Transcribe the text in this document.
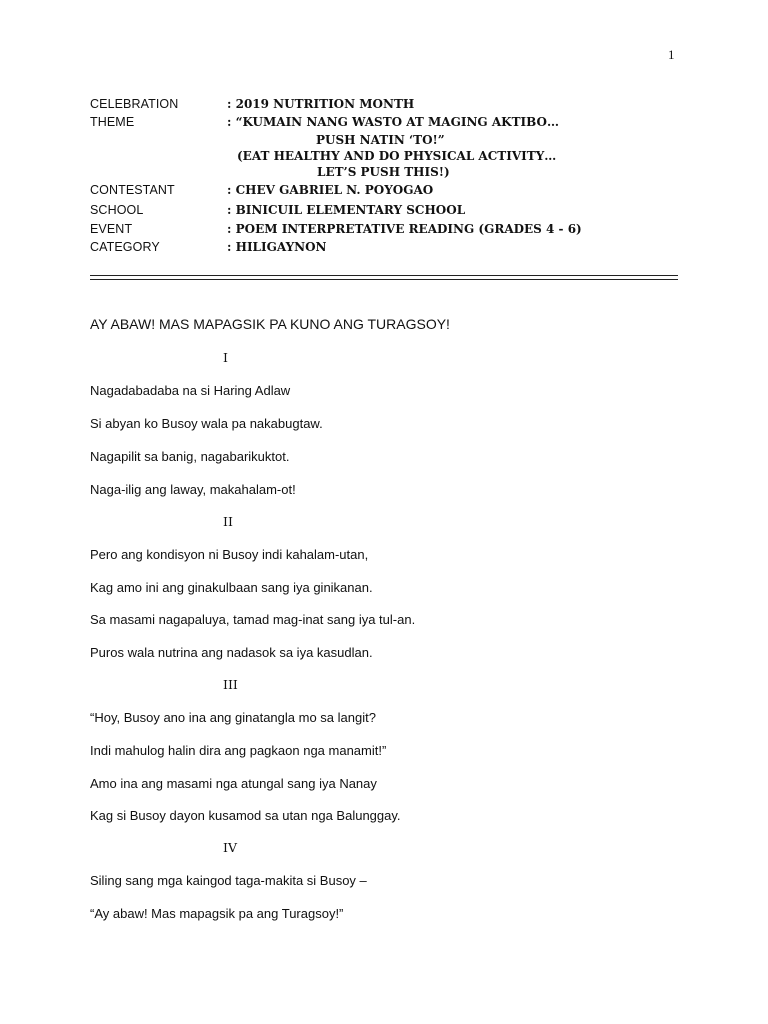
1
CELEBRATION	: 2019 NUTRITION MONTH
THEME	: “KUMAIN NANG WASTO AT MAGING AKTIBO…
PUSH NATIN ‘TO!”
(EAT HEALTHY AND DO PHYSICAL ACTIVITY…
LET’S PUSH THIS!)
CONTESTANT	: CHEV GABRIEL N. POYOGAO
SCHOOL	: BINICUIL ELEMENTARY SCHOOL
EVENT	: POEM INTERPRETATIVE READING (GRADES 4 - 6)
CATEGORY	: HILIGAYNON
AY ABAW! MAS MAPAGSIK PA KUNO ANG TURAGSOY!
I
Nagadabadaba na si Haring Adlaw
Si abyan ko Busoy wala pa nakabugtaw.
Nagapilit sa banig, nagabarikuktot.
Naga-ilig ang laway, makahalam-ot!
II
Pero ang kondisyon ni Busoy indi kahalam-utan,
Kag amo ini ang ginakulbaan sang iya ginikanan.
Sa masami nagapaluya, tamad mag-inat sang iya tul-an.
Puros wala nutrina ang nadasok sa iya kasudlan.
III
“Hoy, Busoy ano ina ang ginatangla mo sa langit?
Indi mahulog halin dira ang pagkaon nga manamit!”
Amo ina ang masami nga atungal sang iya Nanay
Kag si Busoy dayon kusamod sa utan nga Balunggay.
IV
Siling sang mga kaingod taga-makita si Busoy –
“Ay abaw! Mas mapagsik pa ang Turagsoy!”
